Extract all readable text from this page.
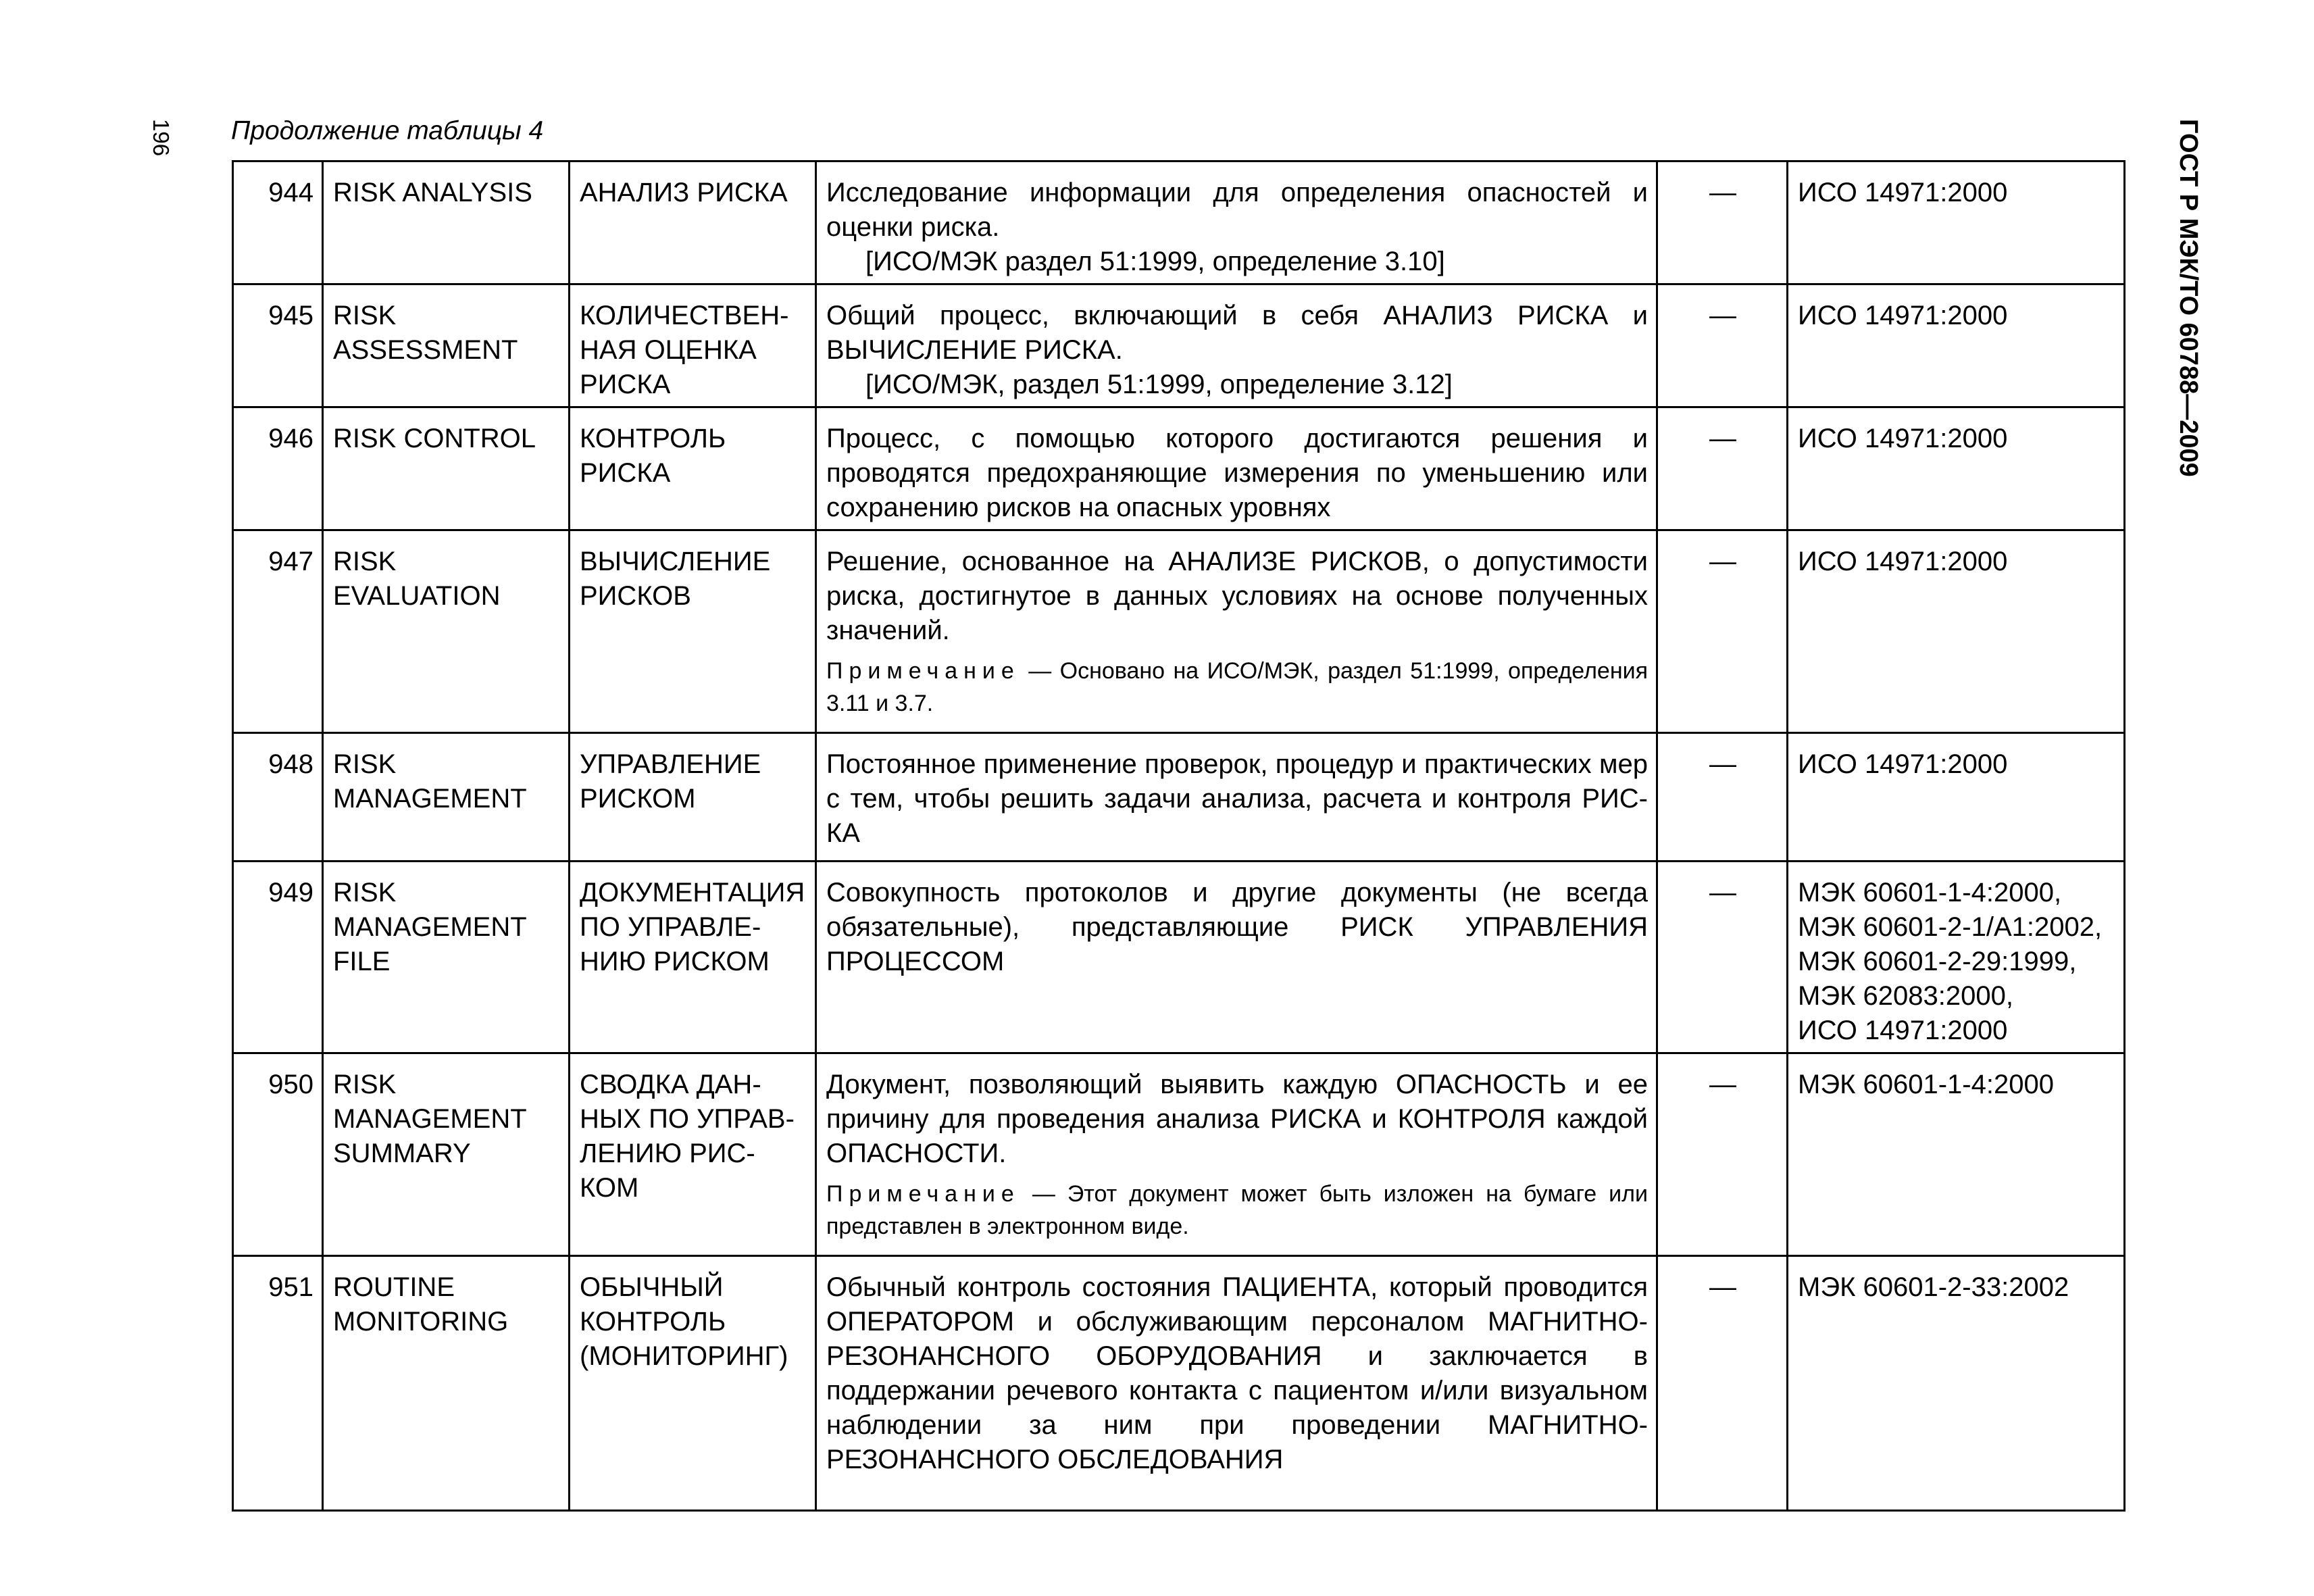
196 Продолжение таблицы 4	ГОСТ Р МЭК/ТО 60788—2009
944	RISK ANALYSIS	АНАЛИЗ РИСКА	Исследование информации для определения опасностей и оценки риска.
[ИСО/МЭК раздел 51:1999, определение 3.10]	—	ИСО 14971:2000
945	RISK ASSESSMENT	КОЛИЧЕСТВЕН-НАЯ ОЦЕНКА РИСКА	Общий процесс, включающий в себя АНАЛИЗ РИСКА и ВЫЧИСЛЕНИЕ РИСКА.
[ИСО/МЭК, раздел 51:1999, определение 3.12]	—	ИСО 14971:2000
946	RISK CONTROL	КОНТРОЛЬ РИСКА	Процесс, с помощью которого достигаются решения и проводятся предохраняющие измерения по уменьшению или сохранению рисков на опасных уровнях	—	ИСО 14971:2000
947	RISK EVALUATION	ВЫЧИСЛЕНИЕ РИСКОВ	Решение, основанное на АНАЛИЗЕ РИСКОВ, о допустимости риска, достигнутое в данных условиях на основе полученных значений.
Примечание — Основано на ИСО/МЭК, раздел 51:1999, определения 3.11 и 3.7.	—	ИСО 14971:2000
948	RISK MANAGEMENT	УПРАВЛЕНИЕ РИСКОМ	Постоянное применение проверок, процедур и практических мер с тем, чтобы решить задачи анализа, расчета и контроля РИС-КА	—	ИСО 14971:2000
949	RISK MANAGEMENT FILE	ДОКУМЕНТАЦИЯ ПО УПРАВЛЕ-НИЮ РИСКОМ	Совокупность протоколов и другие документы (не всегда обязательные), представляющие РИСК УПРАВЛЕНИЯ ПРОЦЕССОМ	—	МЭК 60601-1-4:2000,
МЭК 60601-2-1/А1:2002,
МЭК 60601-2-29:1999,
МЭК 62083:2000,
ИСО 14971:2000
950	RISK MANAGEMENT SUMMARY	СВОДКА ДАН-НЫХ ПО УПРАВ-ЛЕНИЮ РИС-КОМ	Документ, позволяющий выявить каждую ОПАСНОСТЬ и ее причину для проведения анализа РИСКА и КОНТРОЛЯ каждой ОПАСНОСТИ.
Примечание — Этот документ может быть изложен на бумаге или представлен в электронном виде.	—	МЭК 60601-1-4:2000
951	ROUTINE MONITORING	ОБЫЧНЫЙ КОНТРОЛЬ (МОНИТОРИНГ)	Обычный контроль состояния ПАЦИЕНТА, который проводится ОПЕРАТОРОМ и обслуживающим персоналом МАГНИТНО-РЕЗОНАНСНОГО ОБОРУДОВАНИЯ и заключается в поддержании речевого контакта с пациентом и/или визуальном наблюдении за ним при проведении МАГНИТНО-РЕЗОНАНСНОГО ОБСЛЕДОВАНИЯ	—	МЭК 60601-2-33:2002
